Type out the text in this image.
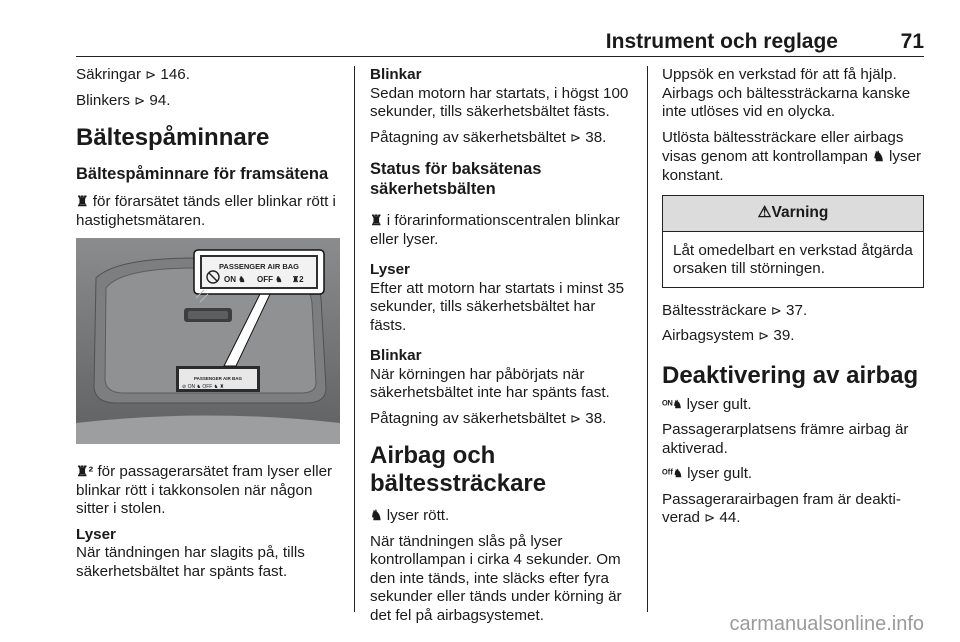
Instrument och reglage	71

Säkringar ⊳ 146.

Blinkers ⊳ 94.

Bältespåminnare
Bältespåminnare för framsätena

♜ för förarsätet tänds eller blinkar rött i hastighetsmätaren.

PASSENGER AIR BAG
ON ♞ OFF ♞ ♜2
PASSENGER AIR BAG
⊘ ON ♞ OFF ♞ ♜

♜² för passagerarsätet fram lyser eller blinkar rött i takkonsolen när någon sitter i stolen.

Lyser

När tändningen har slagits på, tills säkerhetsbältet har spänts fast.

Blinkar

Sedan motorn har startats, i högst 100 sekunder, tills säkerhetsbältet fästs.

Påtagning av säkerhetsbältet ⊳ 38.

Status för baksätenas säkerhetsbälten

♜ i förarinformationscentralen blinkar eller lyser.

Lyser

Efter att motorn har startats i minst 35 sekunder, tills säkerhetsbältet har fästs.

Blinkar

När körningen har påbörjats när säkerhetsbältet inte har spänts fast.

Påtagning av säkerhetsbältet ⊳ 38.

Airbag och bältessträckare

♞ lyser rött.

När tändningen slås på lyser kontrollampan i cirka 4 sekunder. Om den inte tänds, inte släcks efter fyra sekunder eller tänds under körning är det fel på airbagsystemet.

Uppsök en verkstad för att få hjälp. Airbags och bältessträckarna kanske inte utlöses vid en olycka.

Utlösta bältessträckare eller airbags visas genom att kontrollampan ♞ lyser konstant.

⚠Varning
Låt omedelbart en verkstad åtgärda orsaken till störningen.

Bältessträckare ⊳ 37.

Airbagsystem ⊳ 39.

Deaktivering av airbag

ᴼᴺ♞ lyser gult.

Passagerarplatsens främre airbag är aktiverad.

ᴼᶠᶠ♞ lyser gult.

Passagerarairbagen fram är deakti-verad ⊳ 44.

carmanualsonline.info
